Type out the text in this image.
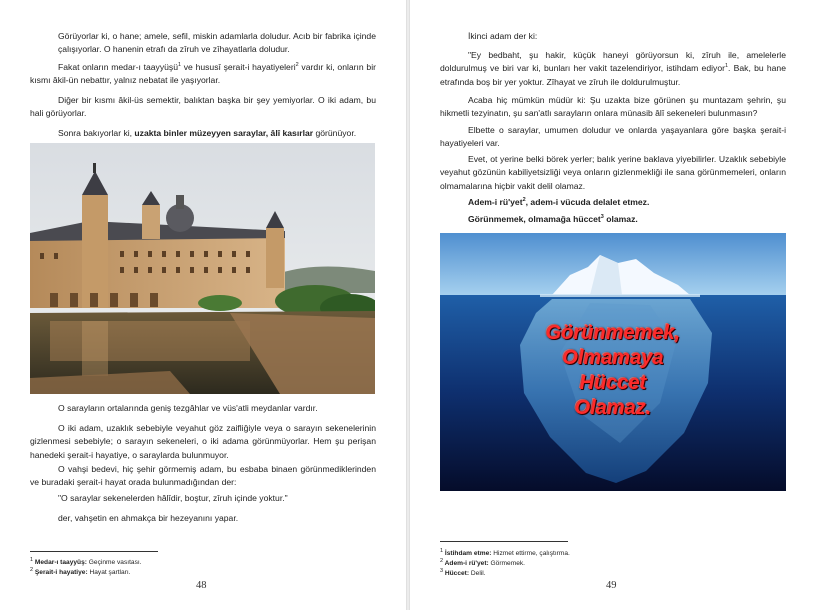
Görüyorlar ki, o hane; amele, sefil, miskin adamlarla doludur. Acıb bir fabrika içinde çalışıyorlar. O hanenin etrafı da zîruh ve zîhayatlarla doludur.

Fakat onların medar-ı taayyüşü$^1$ ve hususî şerait-i hayatiyeleri$^2$ vardır ki, onların bir kısmı âkil-ün nebattır, yalnız nebatat ile yaşıyorlar.

Diğer bir kısmı âkil-üs semektir, balıktan başka bir şey yemiyorlar. O iki adam, bu hali görüyorlar.

Sonra bakıyorlar ki, uzakta binler müzeyyen saraylar, âlî kasırlar görünüyor.

O sarayların ortalarında geniş tezgâhlar ve vüs'atli meydanlar vardır.

O iki adam, uzaklık sebebiyle veyahut göz zaifliğiyle veya o sarayın sekenelerinin gizlenmesi sebebiyle; o sarayın sekeneleri, o iki adama görünmüyorlar. Hem şu perişan hanedeki şerait-i hayatiye, o saraylarda bulunmuyor.

O vahşi bedevi, hiç şehir görmemiş adam, bu esbaba binaen görünmediklerinden ve buradaki şerait-i hayat orada bulunmadığından der:

"O saraylar sekenelerden hâlîdir, boştur, zîruh içinde yoktur."

der, vahşetin en ahmakça bir hezeyanını yapar.

$^1$ Medar-ı taayyüş: Geçinme vasıtası.

$^2$ Şerait-i hayatiye: Hayat şartları.

48

İkinci adam der ki:

"Ey bedbaht, şu hakir, küçük haneyi görüyorsun ki, zîruh ile, amelelerle doldurulmuş ve biri var ki, bunları her vakit tazelendiriyor, istihdam ediyor$^1$. Bak, bu hane etrafında boş bir yer yoktur. Zîhayat ve zîruh ile doldurulmuştur.

Acaba hiç mümkün müdür ki: Şu uzakta bize görünen şu muntazam şehrin, şu hikmetli tezyinatın, şu san'atlı sarayların onlara münasib âlî sekeneleri bulunmasın?

Elbette o saraylar, umumen doludur ve onlarda yaşayanlara göre başka şerait-i hayatiyeleri var.

Evet, ot yerine belki börek yerler; balık yerine baklava yiyebilirler. Uzaklık sebebiyle veyahut gözünün kabiliyetsizliği veya onların gizlenmekliği ile sana görünmemeleri, onların olmamalarına hiçbir vakit delil olamaz.

Adem-i rü'yet$^2$, adem-i vücuda delalet etmez.

Görünmemek, olmamağa hüccet$^3$ olamaz.

Görünmemek,
Olmamaya
Hüccet
Olamaz.

$^1$ İstihdam etme: Hizmet ettirme, çalıştırma.

$^2$ Adem-i rü'yet: Görmemek.

$^3$ Hüccet: Delil.

49
